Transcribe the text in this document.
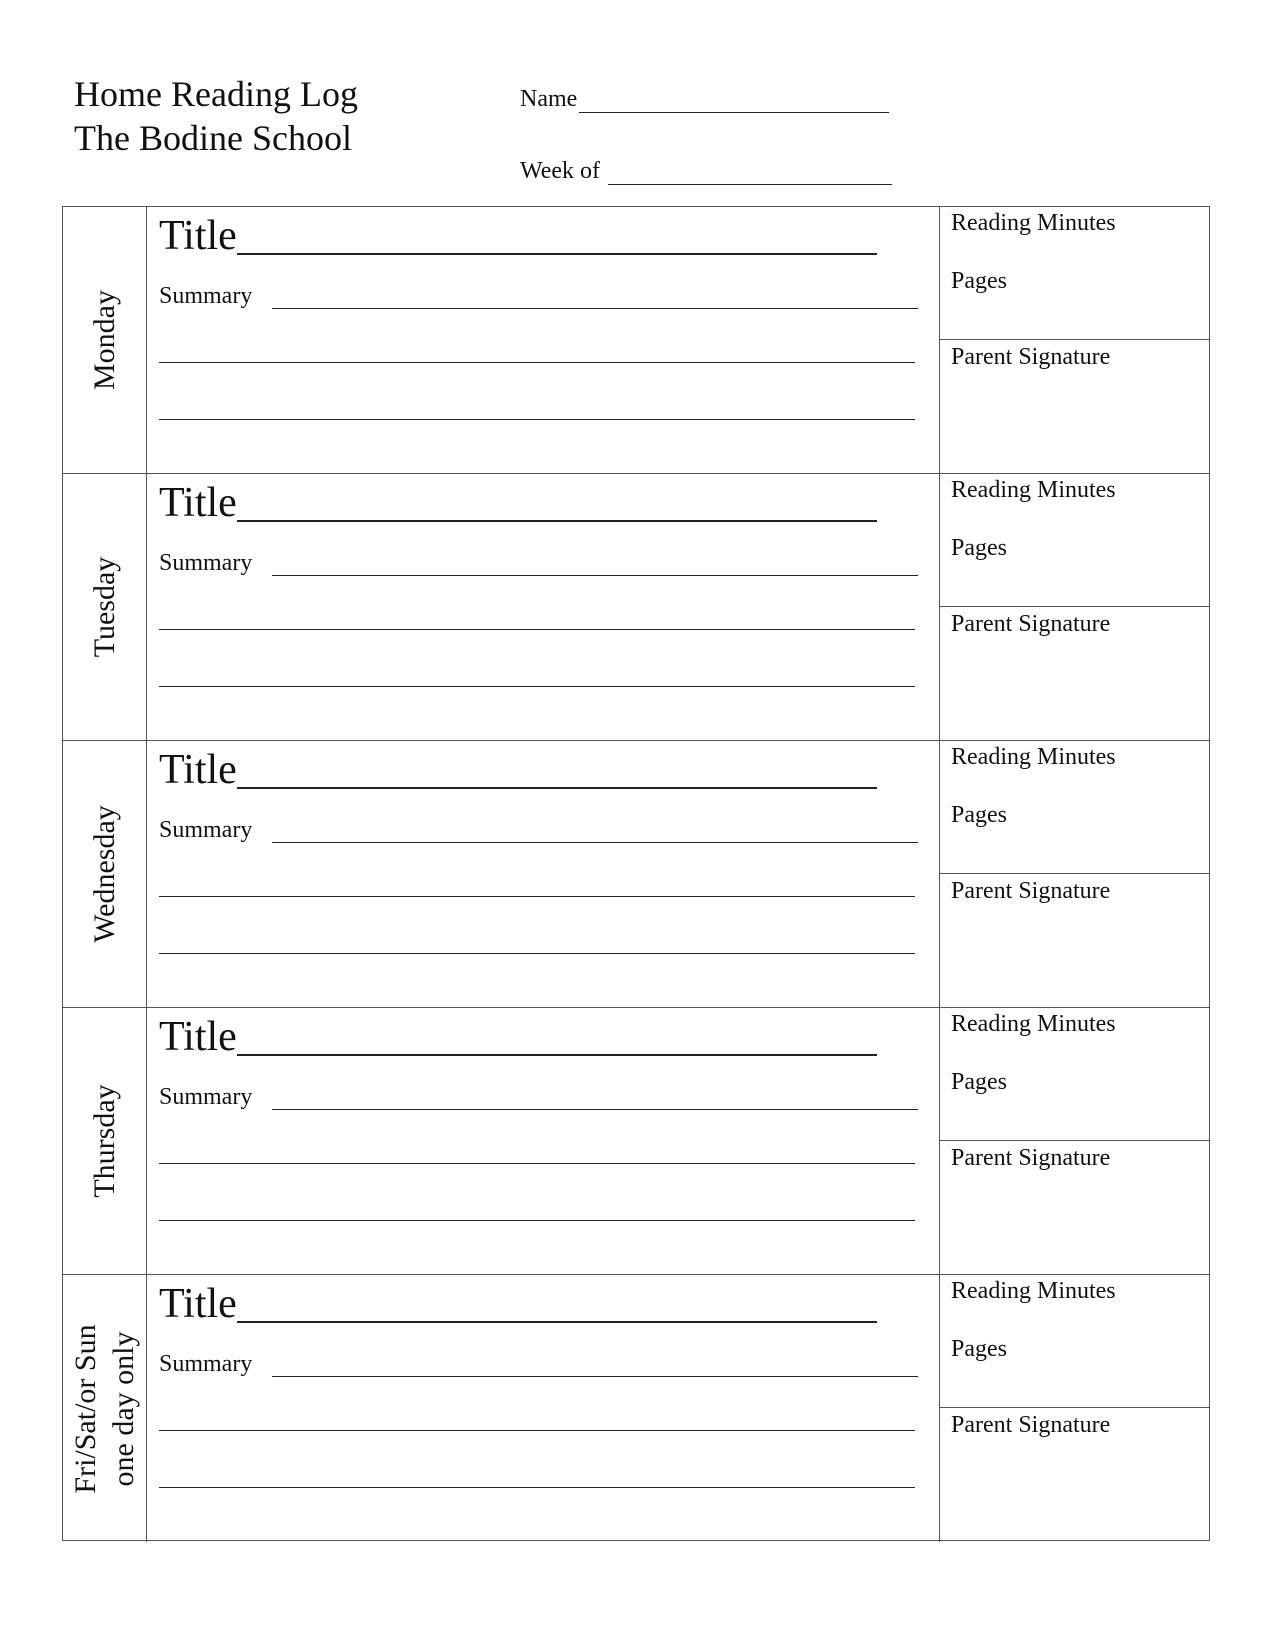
Home Reading Log
The Bodine School
Name
Week of
Monday
Title
Summary
Reading Minutes
Pages
Parent Signature
Tuesday
Title
Summary
Reading Minutes
Pages
Parent Signature
Wednesday
Title
Summary
Reading Minutes
Pages
Parent Signature
Thursday
Title
Summary
Reading Minutes
Pages
Parent Signature
Fri/Sat/or Sun one day only
Title
Summary
Reading Minutes
Pages
Parent Signature
